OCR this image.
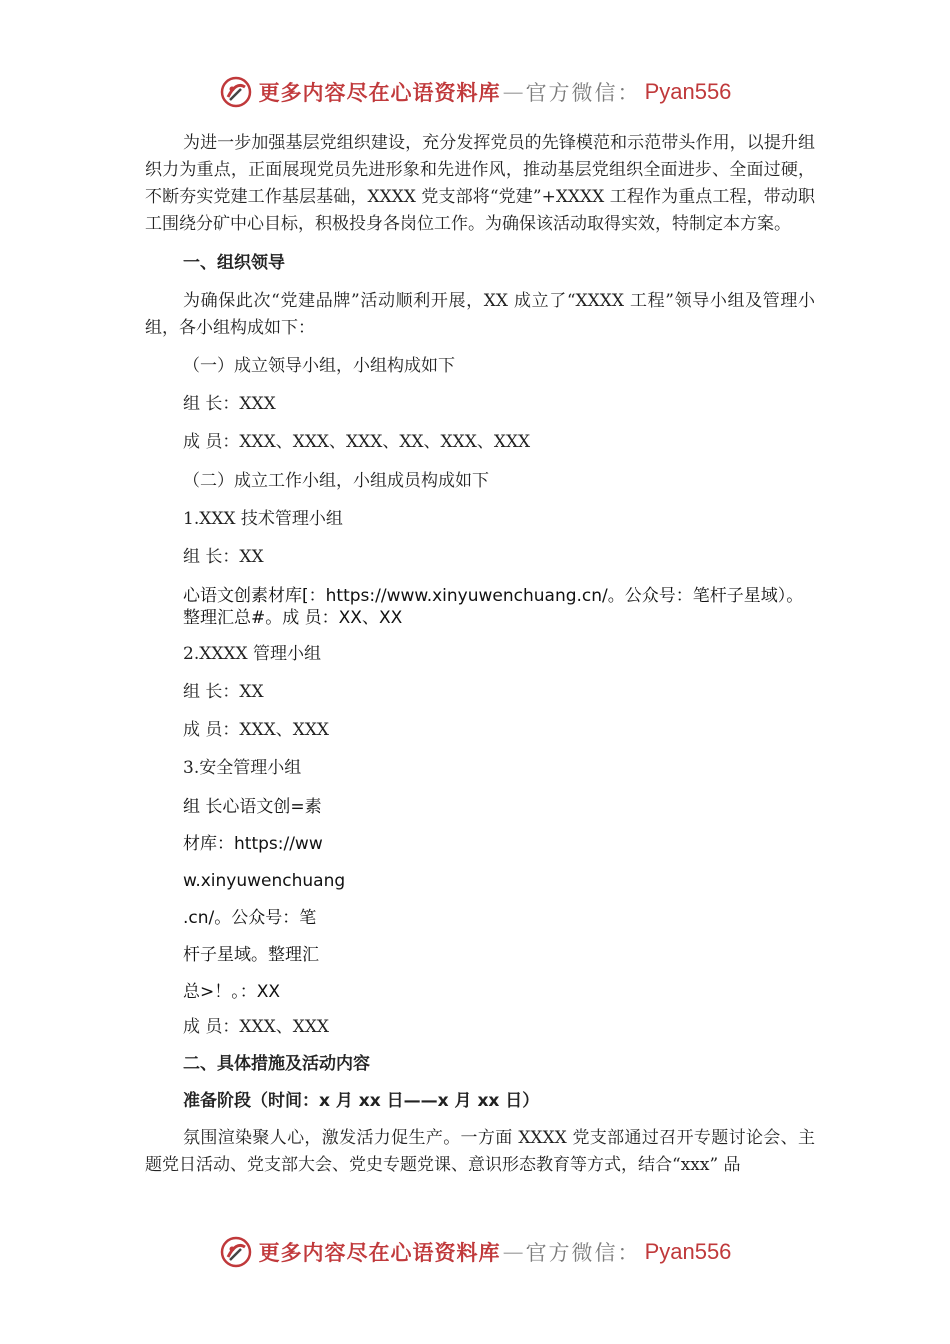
更多内容尽在心语资料库 — 官方微信： Pyan556

为进一步加强基层党组织建设，充分发挥党员的先锋模范和示范带头作用，以提升组织力为重点，正面展现党员先进形象和先进作风，推动基层党组织全面进步、全面过硬，不断夯实党建工作基层基础，XXXX 党支部将“党建”+XXXX 工程作为重点工程，带动职工围绕分矿中心目标，积极投身各岗位工作。为确保该活动取得实效，特制定本方案。

一、组织领导

为确保此次“党建品牌”活动顺利开展，XX 成立了“XXXX 工程”领导小组及管理小组，各小组构成如下：

（一）成立领导小组，小组构成如下

组 长：XXX

成 员：XXX、XXX、XXX、XX、XXX、XXX

（二）成立工作小组，小组成员构成如下

1.XXX 技术管理小组

组 长：XX

心语文创素材库[：https://www.xinyuwenchuang.cn/。公众号：笔杆子星域）。整理汇总#。成 员：XX、XX

2.XXXX 管理小组

组 长：XX

成 员：XXX、XXX

3.安全管理小组

组 长心语文创=素

材库：https://ww

w.xinyuwenchuang

.cn/。公众号：笔

杆子星域。整理汇

总>！。：XX

成 员：XXX、XXX

二、具体措施及活动内容

准备阶段（时间：x 月 xx 日——x 月 xx 日）

氛围渲染聚人心，激发活力促生产。一方面 XXXX 党支部通过召开专题讨论会、主题党日活动、党支部大会、党史专题党课、意识形态教育等方式，结合“xxx” 品

更多内容尽在心语资料库 — 官方微信： Pyan556
